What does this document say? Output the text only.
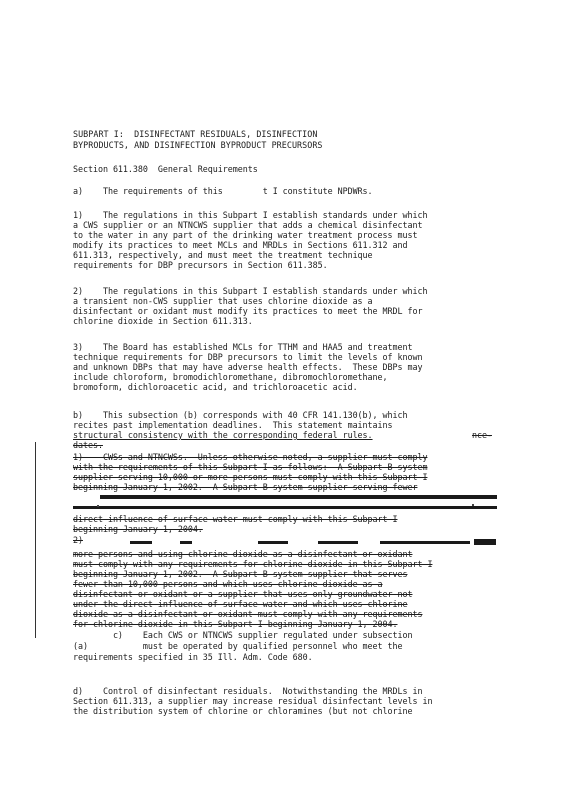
SUBPART I:  DISINFECTANT RESIDUALS, DISINFECTION
BYPRODUCTS, AND DISINFECTION BYPRODUCT PRECURSORS
Section 611.380  General Requirements
a)    The requirements of this        t I constitute NPDWRs.
1)    The regulations in this Subpart I establish standards under which
a CWS supplier or an NTNCWS supplier that adds a chemical disinfectant
to the water in any part of the drinking water treatment process must
modify its practices to meet MCLs and MRDLs in Sections 611.312 and
611.313, respectively, and must meet the treatment technique
requirements for DBP precursors in Section 611.385.
2)    The regulations in this Subpart I establish standards under which
a transient non-CWS supplier that uses chlorine dioxide as a
disinfectant or oxidant must modify its practices to meet the MRDL for
chlorine dioxide in Section 611.313.
3)    The Board has established MCLs for TTHM and HAA5 and treatment
technique requirements for DBP precursors to limit the levels of known
and unknown DBPs that may have adverse health effects.  These DBPs may
include chloroform, bromodichloromethane, dibromochloromethane,
bromoform, dichloroacetic acid, and trichloroacetic acid.
b)    This subsection (b) corresponds with 40 CFR 141.130(b), which
recites past implementation deadlines.  This statement maintains
structural consistency with the corresponding federal rules.	nce-
dates.
1)    CWSs and NTNCWSs.  Unless otherwise noted, a supplier must comply
with the requirements of this Subpart I as follows:  A Subpart B system
supplier serving 10,000 or more persons must comply with this Subpart I
beginning January 1, 2002.  A Subpart B system supplier serving fewer
direct influence of surface water must comply with this Subpart I
beginning January 1, 2004.
2)
more persons and using chlorine dioxide as a disinfectant or oxidant
must comply with any requirements for chlorine dioxide in this Subpart I
beginning January 1, 2002.  A Subpart B system supplier that serves
fewer than 10,000 persons and which uses chlorine dioxide as a
disinfectant or oxidant or a supplier that uses only groundwater not
under the direct influence of surface water and which uses chlorine
dioxide as a disinfectant or oxidant must comply with any requirements
for chlorine dioxide in this Subpart I beginning January 1, 2004.
c)    Each CWS or NTNCWS supplier regulated under subsection
(a)           must be operated by qualified personnel who meet the
requirements specified in 35 Ill. Adm. Code 680.
d)    Control of disinfectant residuals.  Notwithstanding the MRDLs in
Section 611.313, a supplier may increase residual disinfectant levels in
the distribution system of chlorine or chloramines (but not chlorine
